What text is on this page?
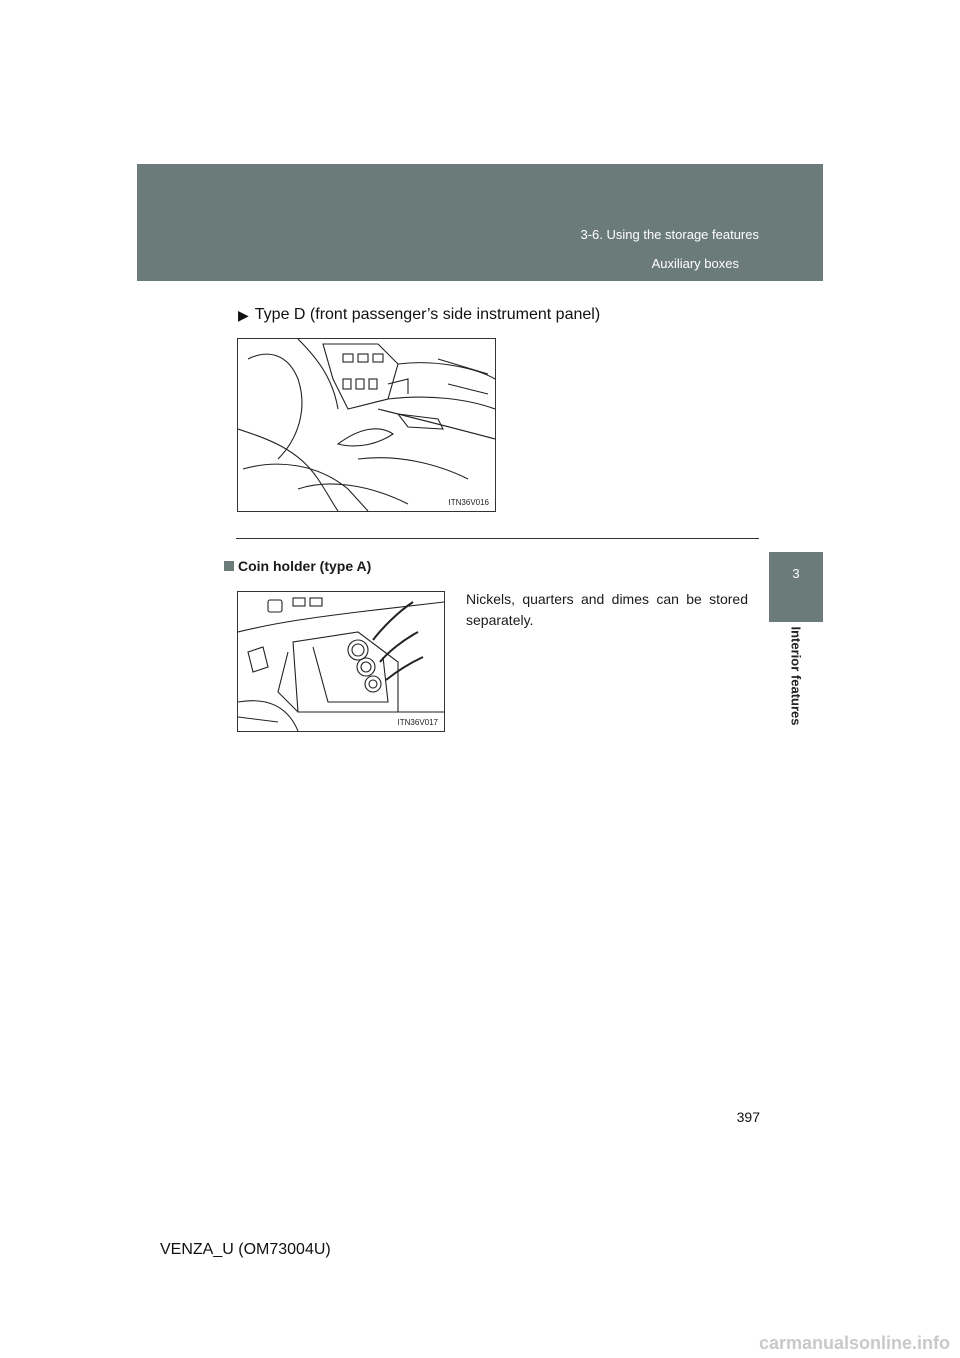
3-6. Using the storage features
Auxiliary boxes
3
Interior features
▶ Type D (front passenger’s side instrument panel)
ITN36V016
Coin holder (type A)
Nickels, quarters and dimes can be stored separately.
ITN36V017
397
VENZA_U (OM73004U)
carmanualsonline.info
